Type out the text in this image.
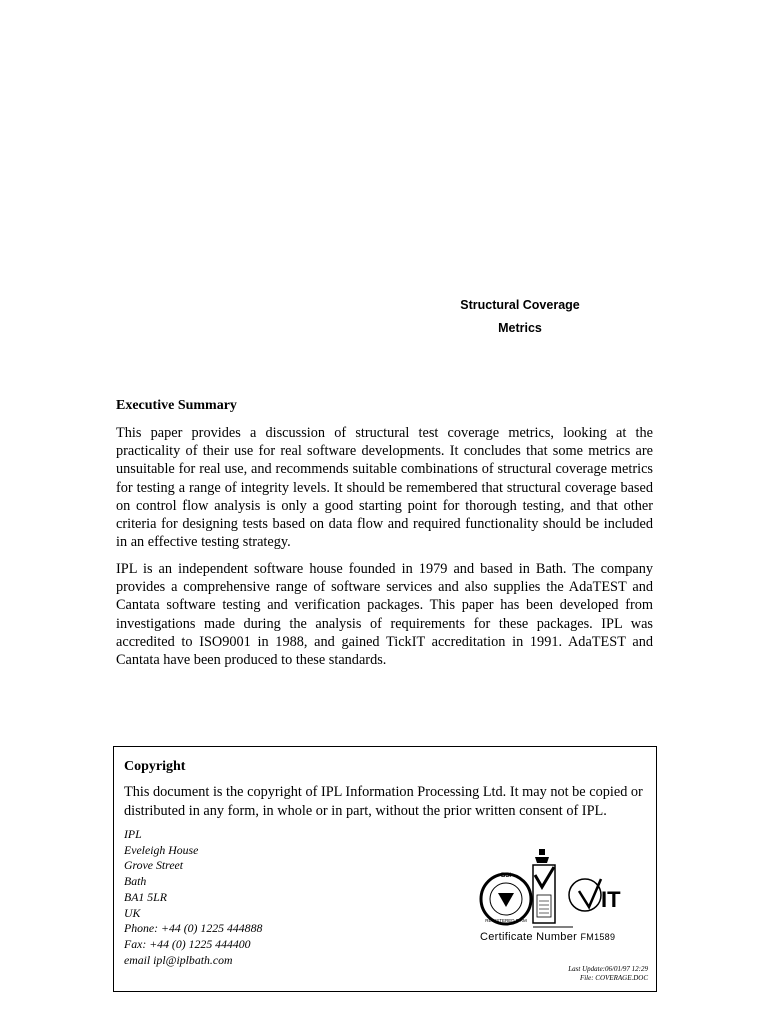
Structural Coverage
Metrics
Executive Summary

This paper provides a discussion of structural test coverage metrics, looking at the practicality of their use for real software developments. It concludes that some metrics are unsuitable for real use, and recommends suitable combinations of structural coverage metrics for testing a range of integrity levels. It should be remembered that structural coverage based on control flow analysis is only a good starting point for thorough testing, and that other criteria for designing tests based on data flow and required functionality should be included in an effective testing strategy.

IPL is an independent software house founded in 1979 and based in Bath. The company provides a comprehensive range of software services and also supplies the AdaTEST and Cantata software testing and verification packages. This paper has been developed from investigations made during the analysis of requirements for these packages. IPL was accredited to ISO9001 in 1988, and gained TickIT accreditation in 1991. AdaTEST and Cantata have been produced to these standards.

Copyright

This document is the copyright of IPL Information Processing Ltd. It may not be copied or distributed in any form, in whole or in part, without the prior written consent of IPL.

IPL
Eveleigh House
Grove Street
Bath
BA1 5LR
UK
Phone: +44 (0) 1225 444888
Fax: +44 (0) 1225 444400
email ipl@iplbath.com
BSI
REGISTERED FIRM
IT
Certificate Number FM1589
Last Update:06/01/97 12:29
File: COVERAGE.DOC
